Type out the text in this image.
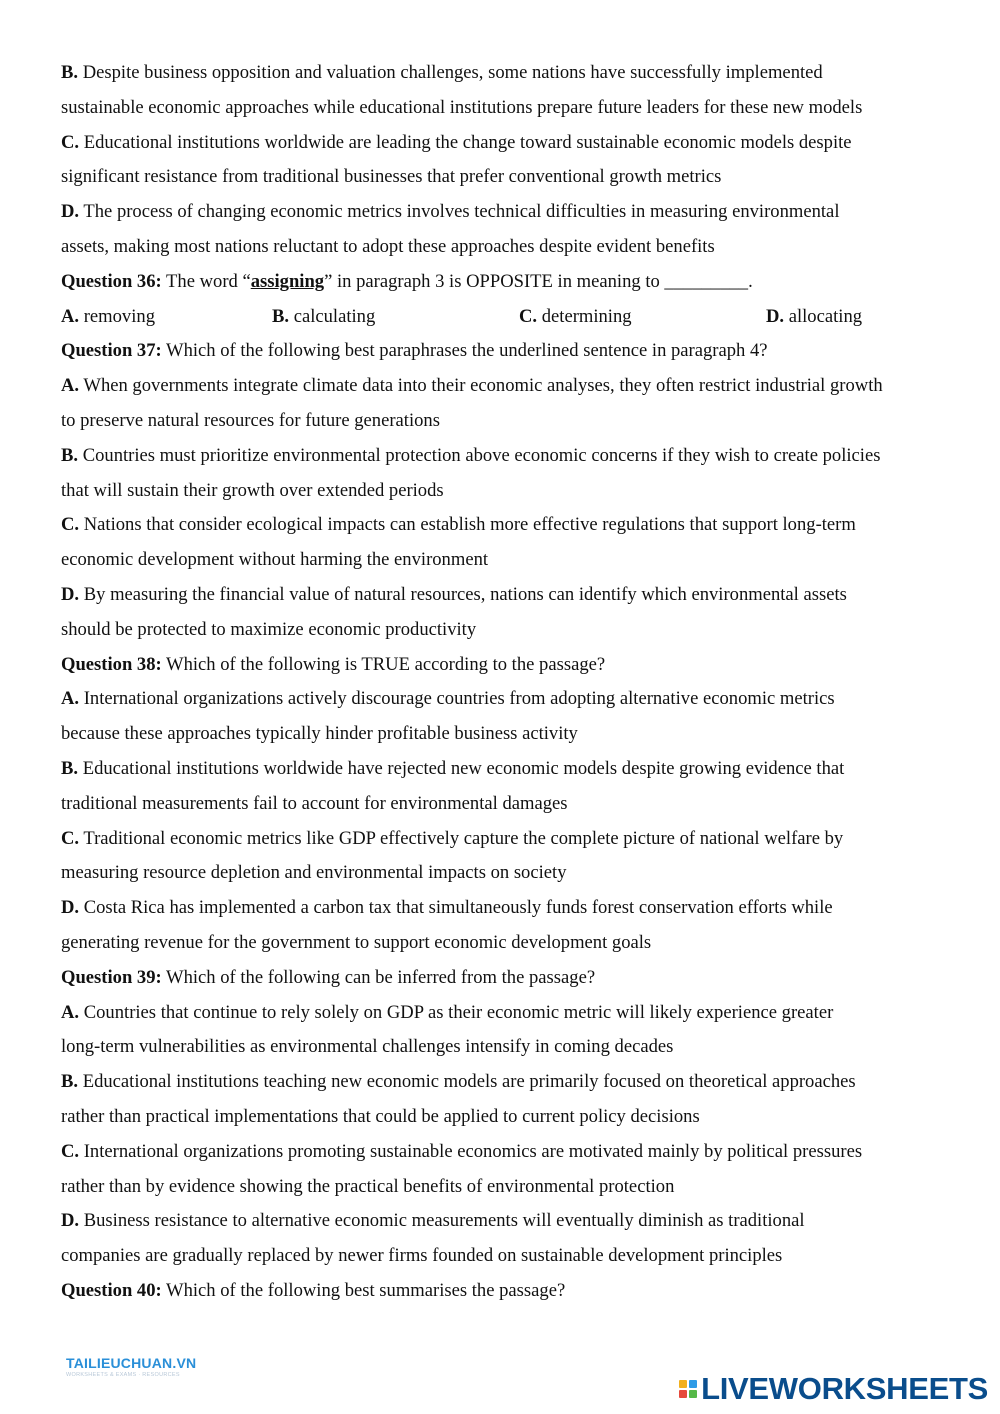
B. Despite business opposition and valuation challenges, some nations have successfully implemented
sustainable economic approaches while educational institutions prepare future leaders for these new models
C. Educational institutions worldwide are leading the change toward sustainable economic models despite
significant resistance from traditional businesses that prefer conventional growth metrics
D. The process of changing economic metrics involves technical difficulties in measuring environmental
assets, making most nations reluctant to adopt these approaches despite evident benefits
Question 36: The word “assigning” in paragraph 3 is OPPOSITE in meaning to _________.
A. removing	B. calculating	C. determining	D. allocating
Question 37: Which of the following best paraphrases the underlined sentence in paragraph 4?
A. When governments integrate climate data into their economic analyses, they often restrict industrial growth
to preserve natural resources for future generations
B. Countries must prioritize environmental protection above economic concerns if they wish to create policies
that will sustain their growth over extended periods
C. Nations that consider ecological impacts can establish more effective regulations that support long-term
economic development without harming the environment
D. By measuring the financial value of natural resources, nations can identify which environmental assets
should be protected to maximize economic productivity
Question 38: Which of the following is TRUE according to the passage?
A. International organizations actively discourage countries from adopting alternative economic metrics
because these approaches typically hinder profitable business activity
B. Educational institutions worldwide have rejected new economic models despite growing evidence that
traditional measurements fail to account for environmental damages
C. Traditional economic metrics like GDP effectively capture the complete picture of national welfare by
measuring resource depletion and environmental impacts on society
D. Costa Rica has implemented a carbon tax that simultaneously funds forest conservation efforts while
generating revenue for the government to support economic development goals
Question 39: Which of the following can be inferred from the passage?
A. Countries that continue to rely solely on GDP as their economic metric will likely experience greater
long-term vulnerabilities as environmental challenges intensify in coming decades
B. Educational institutions teaching new economic models are primarily focused on theoretical approaches
rather than practical implementations that could be applied to current policy decisions
C. International organizations promoting sustainable economics are motivated mainly by political pressures
rather than by evidence showing the practical benefits of environmental protection
D. Business resistance to alternative economic measurements will eventually diminish as traditional
companies are gradually replaced by newer firms founded on sustainable development principles
Question 40: Which of the following best summarises the passage?
TAILIEUCHUAN.VN
WORKSHEETS & EXAMS · RESOURCES	LIVEWORKSHEETS
